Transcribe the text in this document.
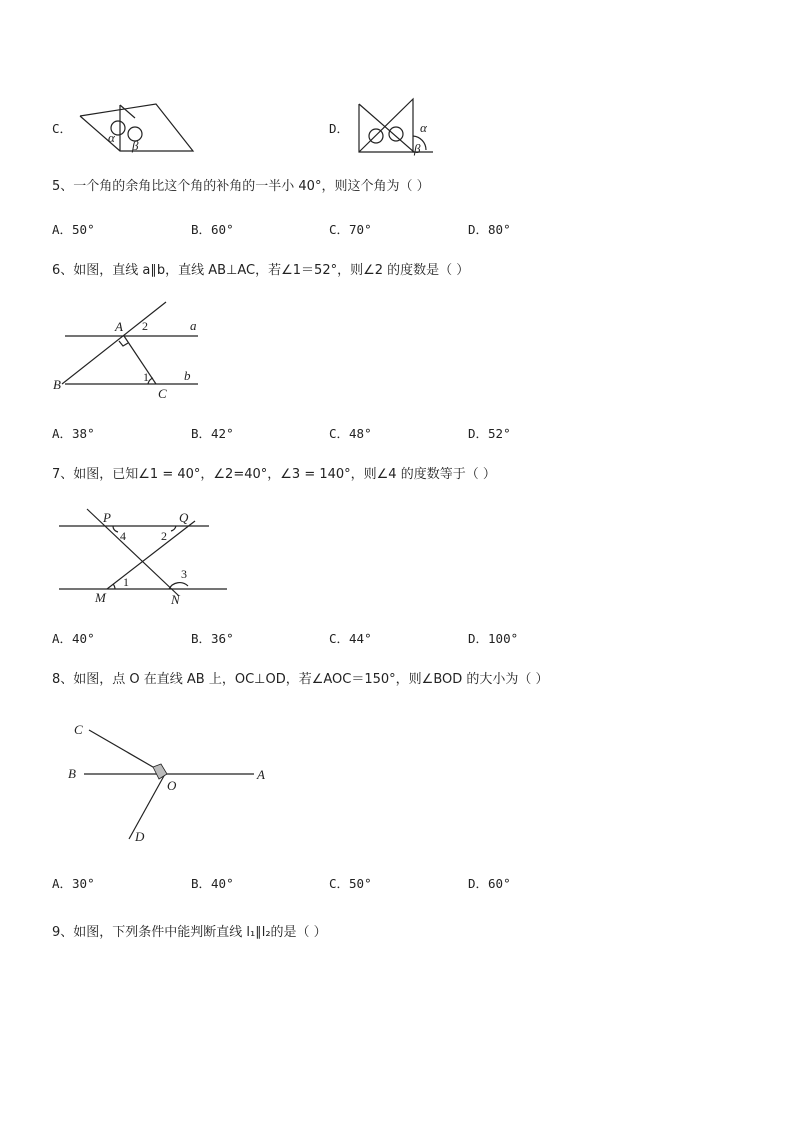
C．
α
β
D．	α
β
5、一个角的余角比这个角的补角的一半小 40°，则这个角为（ ）
A．50°	B．60°	C．70°	D．80°
6、如图，直线 a∥b，直线 AB⊥AC，若∠1＝52°，则∠2 的度数是（ ）
A
B
C
a
b
2
1
A．38°	B．42°	C．48°	D．52°
7、如图，已知∠1 = 40°，∠2=40°，∠3 = 140°，则∠4 的度数等于（ ）
P	Q
M	N
4	2
1
3
A．40°	B．36°	C．44°	D．100°
8、如图，点 O 在直线 AB 上，OC⊥OD，若∠AOC＝150°，则∠BOD 的大小为（ ）
C
B	A
O
D
A．30°	B．40°	C．50°	D．60°
9、如图，下列条件中能判断直线 l₁∥l₂的是（ ）
